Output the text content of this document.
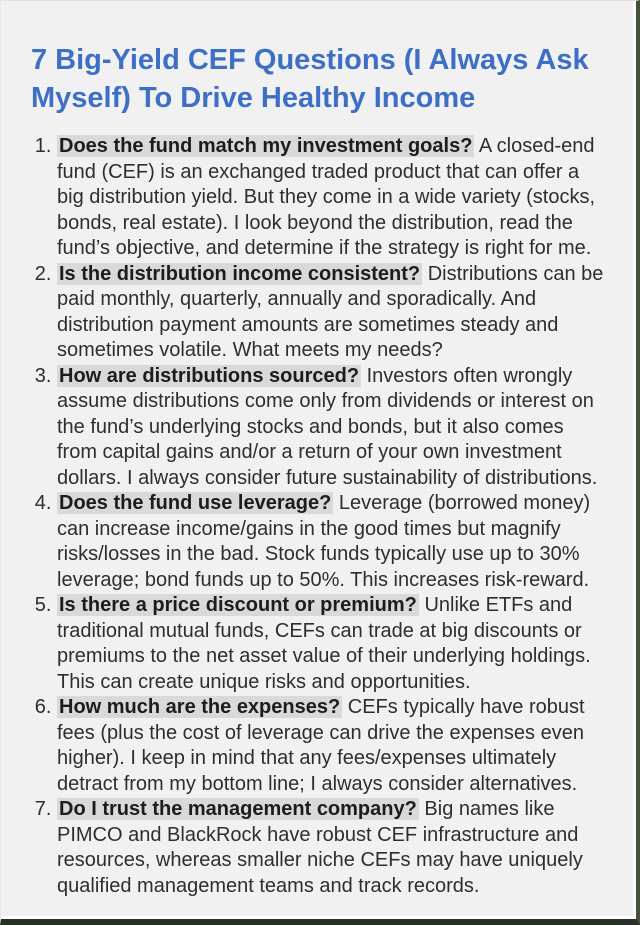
7 Big-Yield CEF Questions (I Always Ask Myself) To Drive Healthy Income
1. Does the fund match my investment goals? A closed-end fund (CEF) is an exchanged traded product that can offer a big distribution yield. But they come in a wide variety (stocks, bonds, real estate). I look beyond the distribution, read the fund’s objective, and determine if the strategy is right for me.
2. Is the distribution income consistent? Distributions can be paid monthly, quarterly, annually and sporadically. And distribution payment amounts are sometimes steady and sometimes volatile. What meets my needs?
3. How are distributions sourced? Investors often wrongly assume distributions come only from dividends or interest on the fund’s underlying stocks and bonds, but it also comes from capital gains and/or a return of your own investment dollars. I always consider future sustainability of distributions.
4. Does the fund use leverage? Leverage (borrowed money) can increase income/gains in the good times but magnify risks/losses in the bad. Stock funds typically use up to 30% leverage; bond funds up to 50%. This increases risk-reward.
5. Is there a price discount or premium? Unlike ETFs and traditional mutual funds, CEFs can trade at big discounts or premiums to the net asset value of their underlying holdings. This can create unique risks and opportunities.
6. How much are the expenses? CEFs typically have robust fees (plus the cost of leverage can drive the expenses even higher). I keep in mind that any fees/expenses ultimately detract from my bottom line; I always consider alternatives.
7. Do I trust the management company? Big names like PIMCO and BlackRock have robust CEF infrastructure and resources, whereas smaller niche CEFs may have uniquely qualified management teams and track records.
